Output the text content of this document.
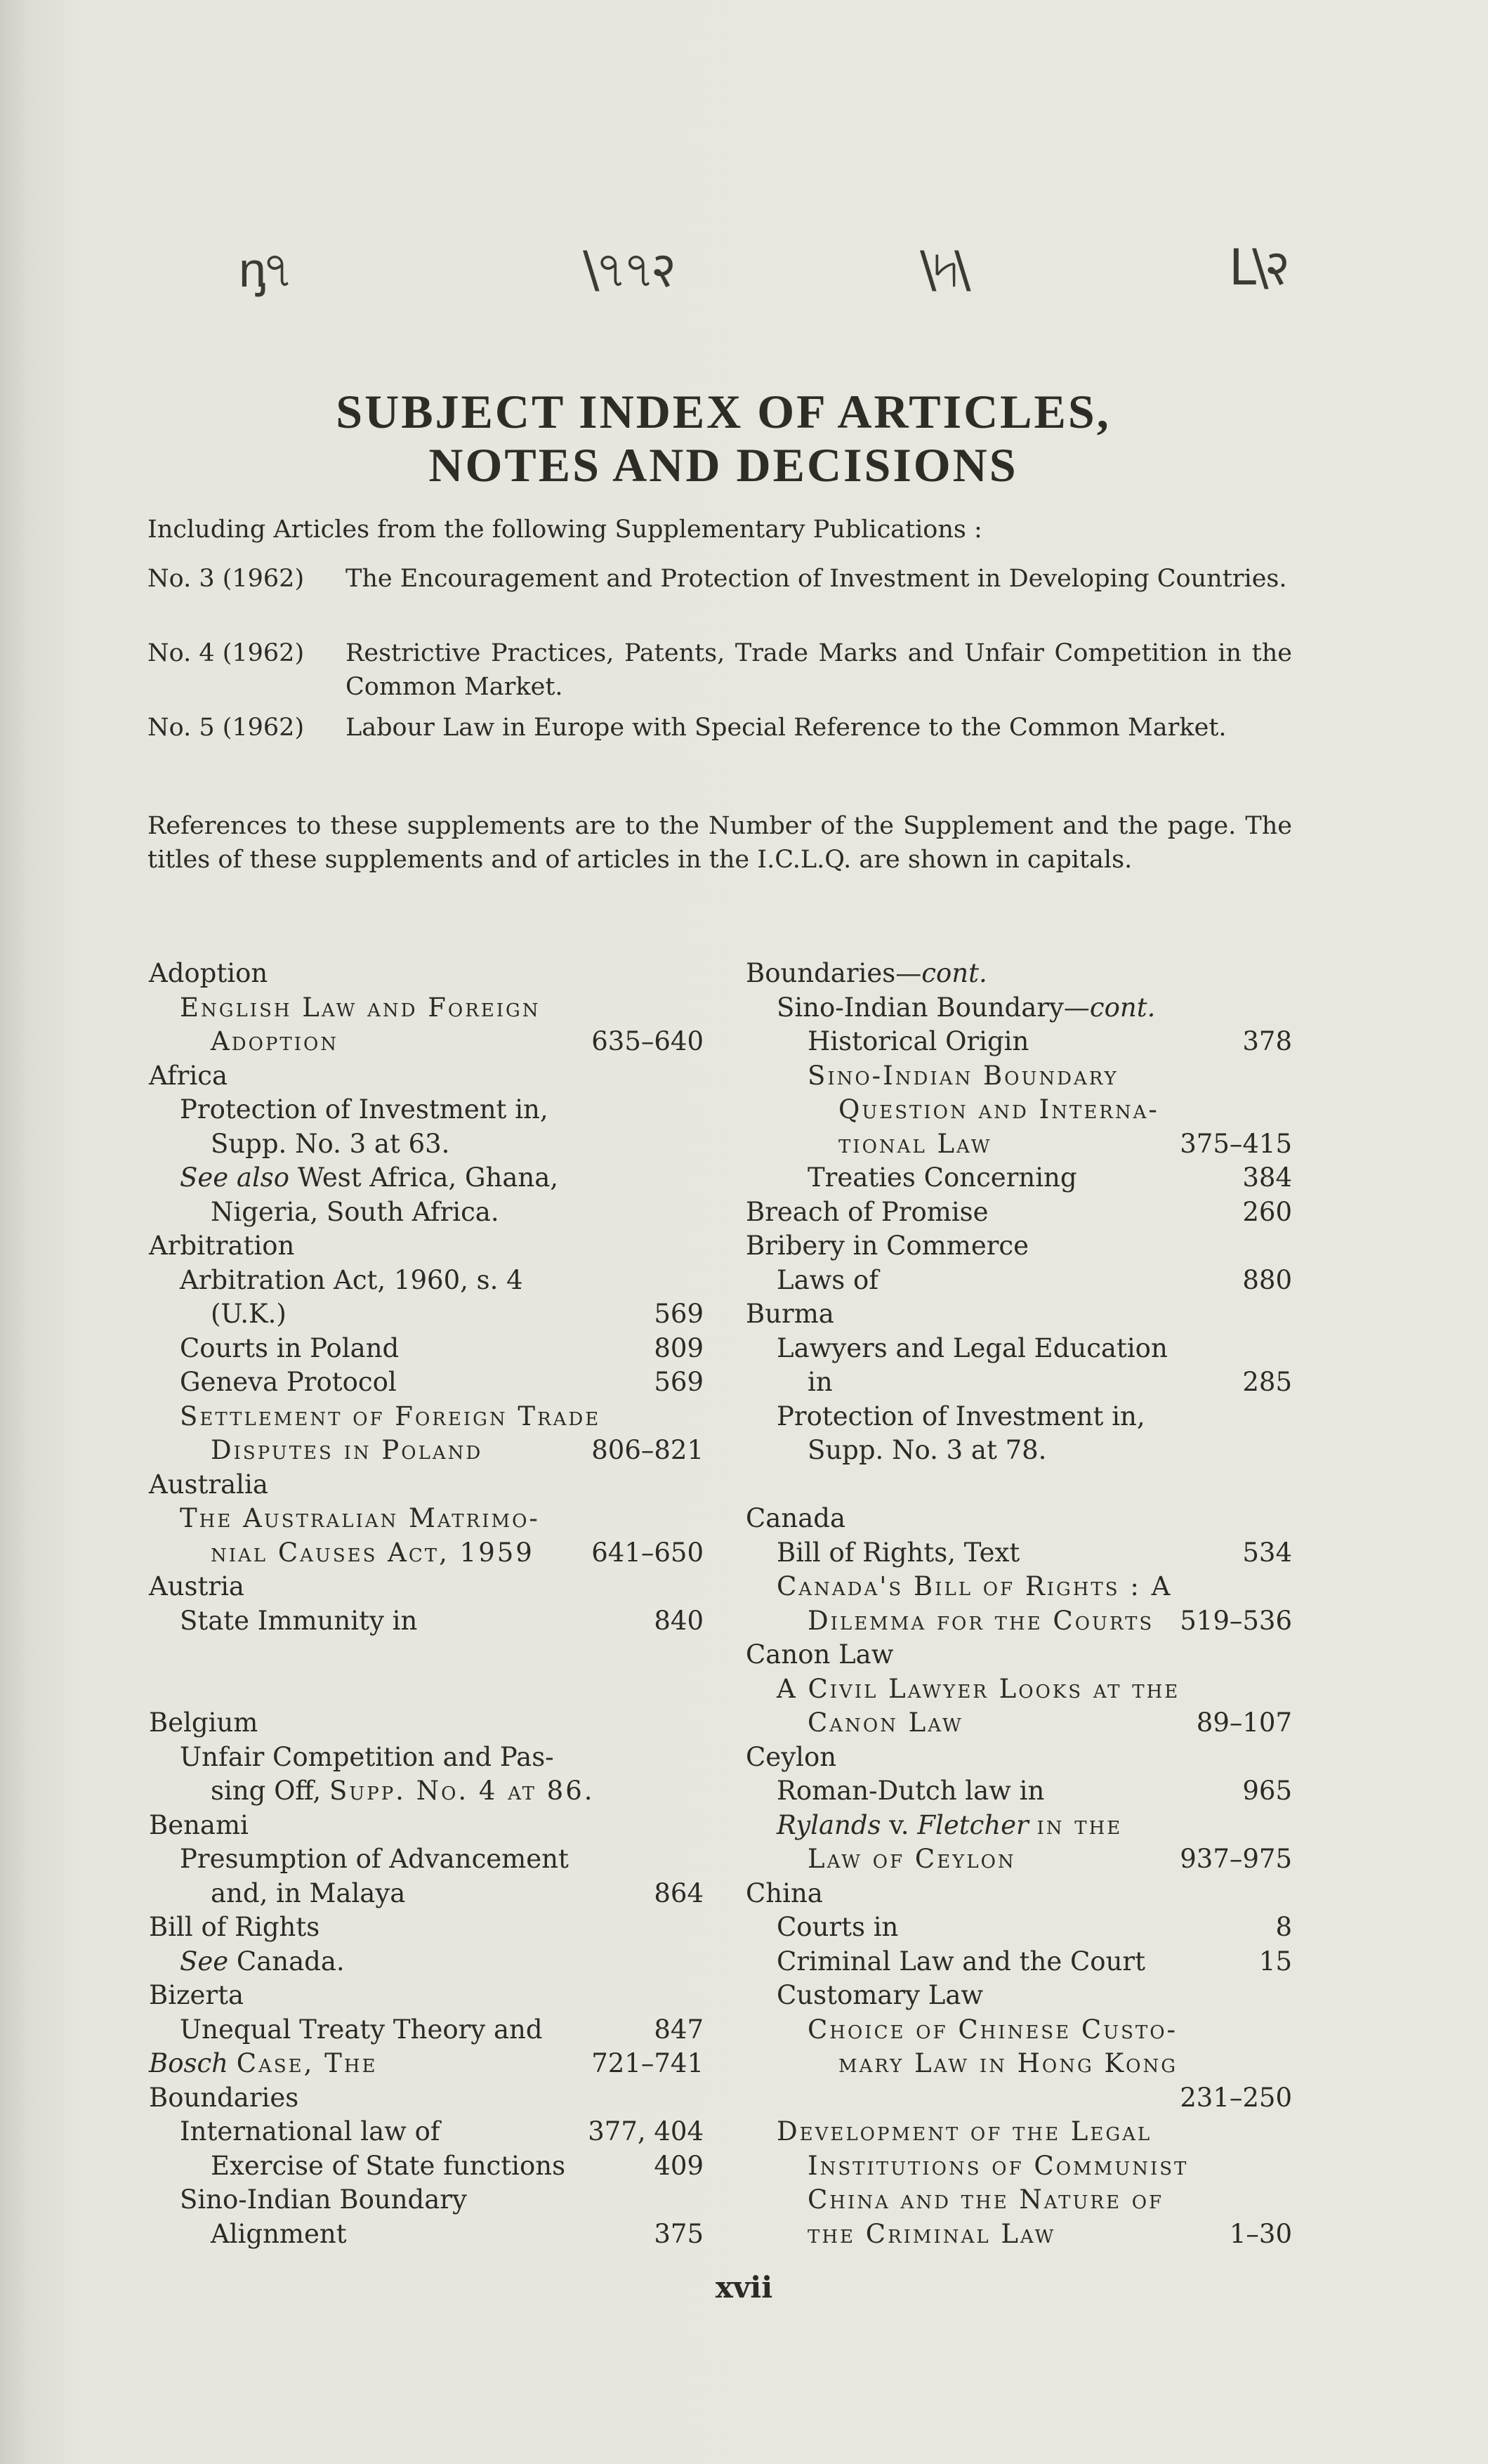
ᶇ৭	\৭৭२	\৸\	L\२
SUBJECT INDEX OF ARTICLES,
NOTES AND DECISIONS
Including Articles from the following Supplementary Publications :
No. 3 (1962) The Encouragement and Protection of Investment in Developing Countries.
No. 4 (1962) Restrictive Practices, Patents, Trade Marks and Unfair Competition in the Common Market.
No. 5 (1962) Labour Law in Europe with Special Reference to the Common Market.
References to these supplements are to the Number of the Supplement and the page. The titles of these supplements and of articles in the I.C.L.Q. are shown in capitals.
Adoption
English Law and Foreign
Adoption	635–640
Africa
Protection of Investment in,
Supp. No. 3 at 63.
See also West Africa, Ghana,
Nigeria, South Africa.
Arbitration
Arbitration Act, 1960, s. 4
(U.K.)	569
Courts in Poland	809
Geneva Protocol	569
Settlement of Foreign Trade
Disputes in Poland	806–821
Australia
The Australian Matrimo-
nial Causes Act, 1959 641–650
Austria
State Immunity in	840
Belgium
Unfair Competition and Pas-
sing Off, Supp. No. 4 at 86.
Benami
Presumption of Advancement
and, in Malaya	864
Bill of Rights
See Canada.
Bizerta
Unequal Treaty Theory and	847
Bosch Case, The	721–741
Boundaries
International law of	377, 404
Exercise of State functions	409
Sino-Indian Boundary
Alignment	375
Boundaries—cont.
Sino-Indian Boundary—cont.
Historical Origin	378
Sino-Indian Boundary
Question and Interna-
tional Law	375–415
Treaties Concerning	384
Breach of Promise	260
Bribery in Commerce
Laws of	880
Burma
Lawyers and Legal Education
in	285
Protection of Investment in,
Supp. No. 3 at 78.
Canada
Bill of Rights, Text	534
Canada's Bill of Rights : A
Dilemma for the Courts 519–536
Canon Law
A Civil Lawyer Looks at the
Canon Law	89–107
Ceylon
Roman-Dutch law in	965
Rylands v. Fletcher in the
Law of Ceylon	937–975
China
Courts in	8
Criminal Law and the Court	15
Customary Law
Choice of Chinese Custo-
mary Law in Hong Kong
231–250
Development of the Legal
Institutions of Communist
China and the Nature of
the Criminal Law	1–30
xvii
